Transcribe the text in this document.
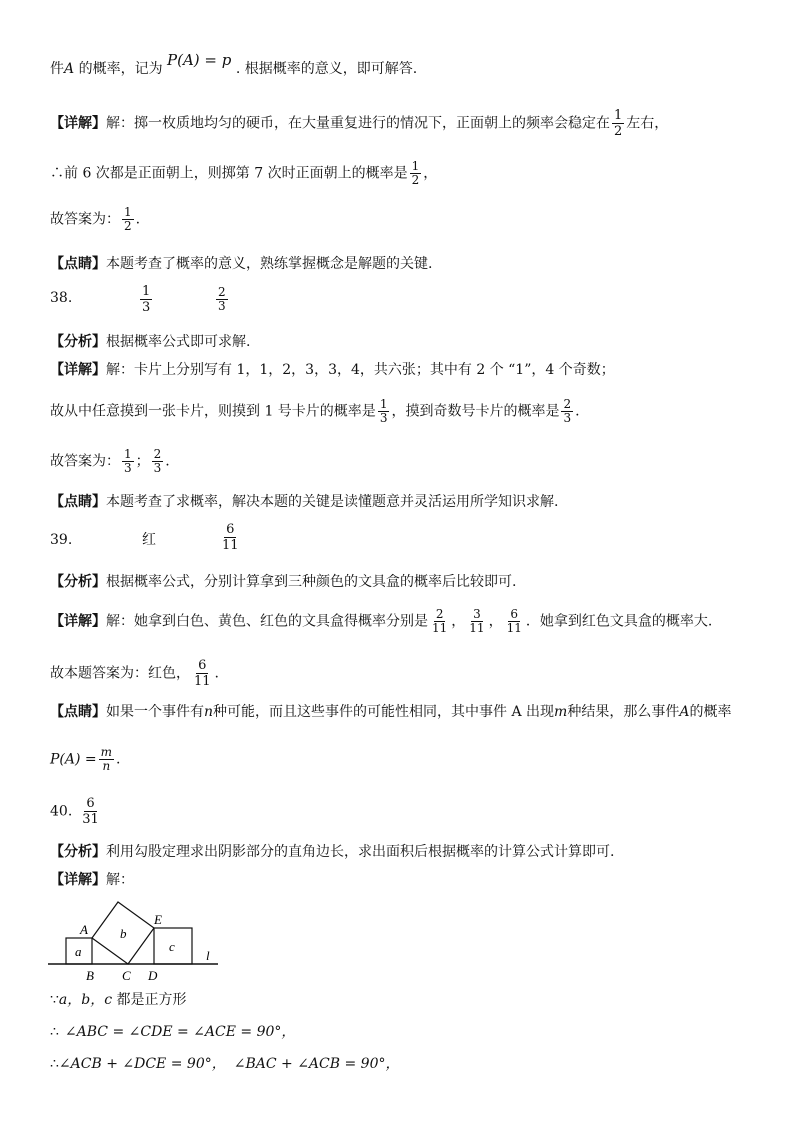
件A 的概率，记为 P(A) = p . 根据概率的意义，即可解答.
【详解】解：掷一枚质地均匀的硬币，在大量重复进行的情况下，正面朝上的频率会稳定在 $\frac{1}{2}$ 左右，
∴前 6 次都是正面朝上，则掷第 7 次时正面朝上的概率是 $\frac{1}{2}$ ，
故答案为： $\frac{1}{2}$ .
【点睛】本题考查了概率的意义，熟练掌握概念是解题的关键.
38.	$\frac{1}{3}$	$\frac{2}{3}$
【分析】根据概率公式即可求解.
【详解】解：卡片上分别写有 1，1，2，3，3，4，共六张；其中有 2 个 “1”，4 个奇数；
故从中任意摸到一张卡片，则摸到 1 号卡片的概率是 $\frac{1}{3}$ ，摸到奇数号卡片的概率是 $\frac{2}{3}$ .
故答案为： $\frac{1}{3}$ ； $\frac{2}{3}$ .
【点睛】本题考查了求概率，解决本题的关键是读懂题意并灵活运用所学知识求解.
39.	红	$\frac{6}{11}$
【分析】根据概率公式，分别计算拿到三种颜色的文具盒的概率后比较即可.
【详解】解：她拿到白色、黄色、红色的文具盒得概率分别是 $\frac{2}{11}$ ， $\frac{3}{11}$ ， $\frac{6}{11}$ ．她拿到红色文具盒的概率大.
故本题答案为：红色， $\frac{6}{11}$ .
【点睛】如果一个事件有n种可能，而且这些事件的可能性相同，其中事件 A 出现m种结果，那么事件A的概率
$P(A) = \frac{m}{n}$ .
40. $\frac{6}{31}$
【分析】利用勾股定理求出阴影部分的直角边长，求出面积后根据概率的计算公式计算即可.
【详解】解：
A
B C D
E
a
b
c
l
∵a，b，c 都是正方形
∴ ∠ABC = ∠CDE = ∠ACE = 90°，
∴∠ACB + ∠DCE = 90°， ∠BAC + ∠ACB = 90°，
